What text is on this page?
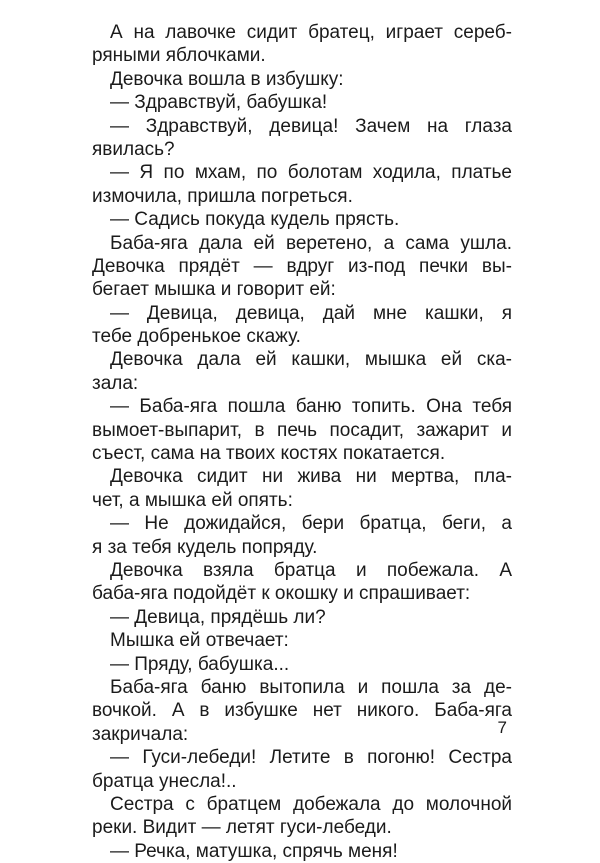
А на лавочке сидит братец, играет сереб-
ряными яблочками.
Девочка вошла в избушку:
— Здравствуй, бабушка!
— Здравствуй, девица! Зачем на глаза
явилась?
— Я по мхам, по болотам ходила, платье
измочила, пришла погреться.
— Садись покуда кудель прясть.
Баба-яга дала ей веретено, а сама ушла.
Девочка прядёт — вдруг из-под печки вы-
бегает мышка и говорит ей:
— Девица, девица, дай мне кашки, я
тебе добренькое скажу.
Девочка дала ей кашки, мышка ей ска-
зала:
— Баба-яга пошла баню топить. Она тебя
вымоет-выпарит, в печь посадит, зажарит и
съест, сама на твоих костях покатается.
Девочка сидит ни жива ни мертва, пла-
чет, а мышка ей опять:
— Не дожидайся, бери братца, беги, а
я за тебя кудель попряду.
Девочка взяла братца и побежала. А
баба-яга подойдёт к окошку и спрашивает:
— Девица, прядёшь ли?
Мышка ей отвечает:
— Пряду, бабушка...
Баба-яга баню вытопила и пошла за де-
вочкой. А в избушке нет никого. Баба-яга
закричала:
— Гуси-лебеди! Летите в погоню! Сестра
братца унесла!..
Сестра с братцем добежала до молочной
реки. Видит — летят гуси-лебеди.
— Речка, матушка, спрячь меня!
7
